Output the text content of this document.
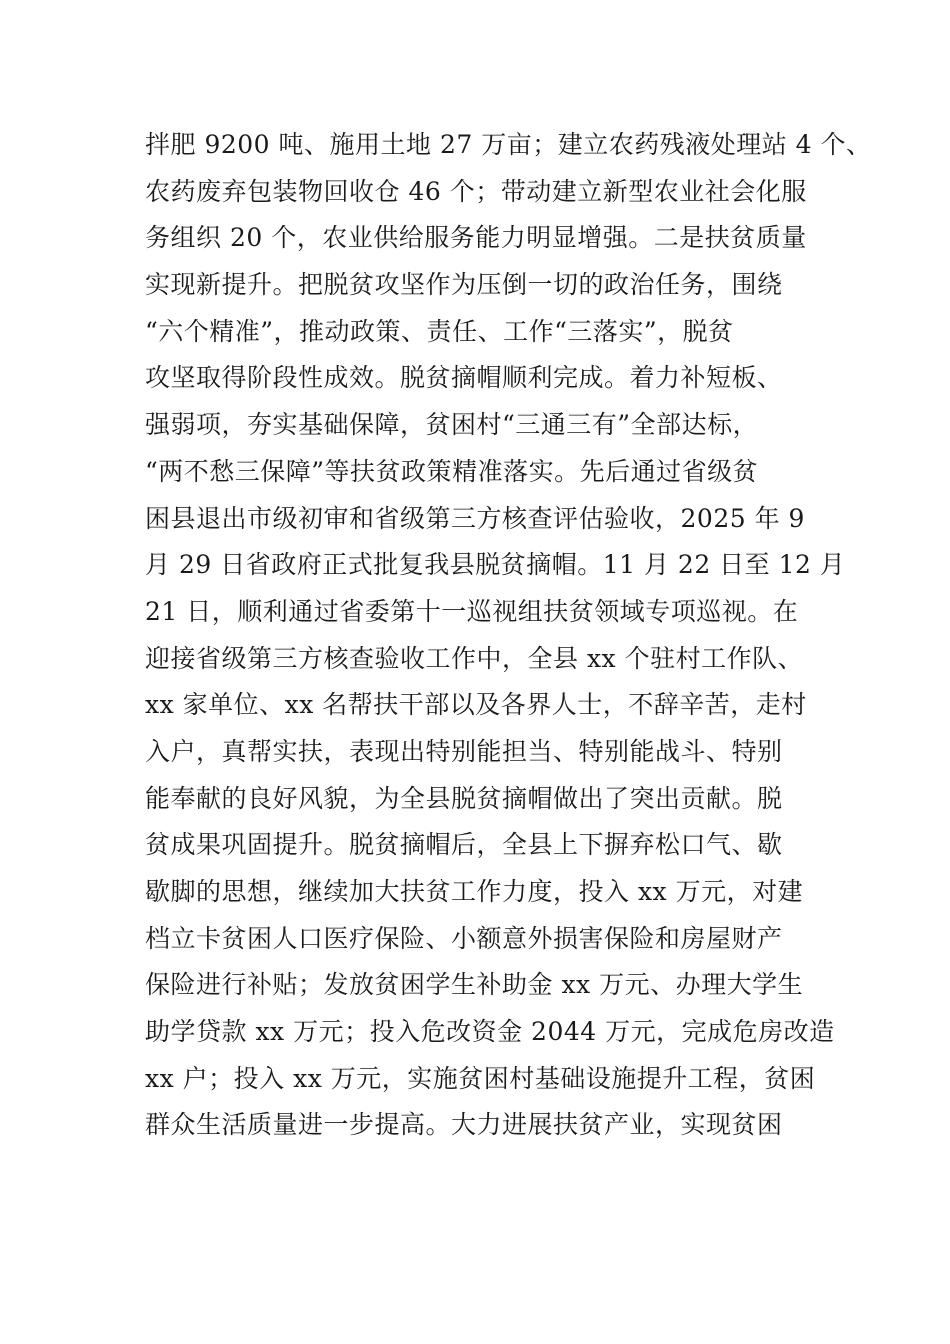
拌肥 9200 吨、施用土地 27 万亩；建立农药残液处理站 4 个、
农药废弃包装物回收仓 46 个；带动建立新型农业社会化服
务组织 20 个，农业供给服务能力明显增强。二是扶贫质量
实现新提升。把脱贫攻坚作为压倒一切的政治任务，围绕
“六个精准”，推动政策、责任、工作“三落实”，脱贫
攻坚取得阶段性成效。脱贫摘帽顺利完成。着力补短板、
强弱项，夯实基础保障，贫困村“三通三有”全部达标，
“两不愁三保障”等扶贫政策精准落实。先后通过省级贫
困县退出市级初审和省级第三方核查评估验收，2025 年 9
月 29 日省政府正式批复我县脱贫摘帽。11 月 22 日至 12 月
21 日，顺利通过省委第十一巡视组扶贫领域专项巡视。在
迎接省级第三方核查验收工作中，全县 xx 个驻村工作队、
xx 家单位、xx 名帮扶干部以及各界人士，不辞辛苦，走村
入户，真帮实扶，表现出特别能担当、特别能战斗、特别
能奉献的良好风貌，为全县脱贫摘帽做出了突出贡献。脱
贫成果巩固提升。脱贫摘帽后，全县上下摒弃松口气、歇
歇脚的思想，继续加大扶贫工作力度，投入 xx 万元，对建
档立卡贫困人口医疗保险、小额意外损害保险和房屋财产
保险进行补贴；发放贫困学生补助金 xx 万元、办理大学生
助学贷款 xx 万元；投入危改资金 2044 万元，完成危房改造
xx 户；投入 xx 万元，实施贫困村基础设施提升工程，贫困
群众生活质量进一步提高。大力进展扶贫产业，实现贫困
